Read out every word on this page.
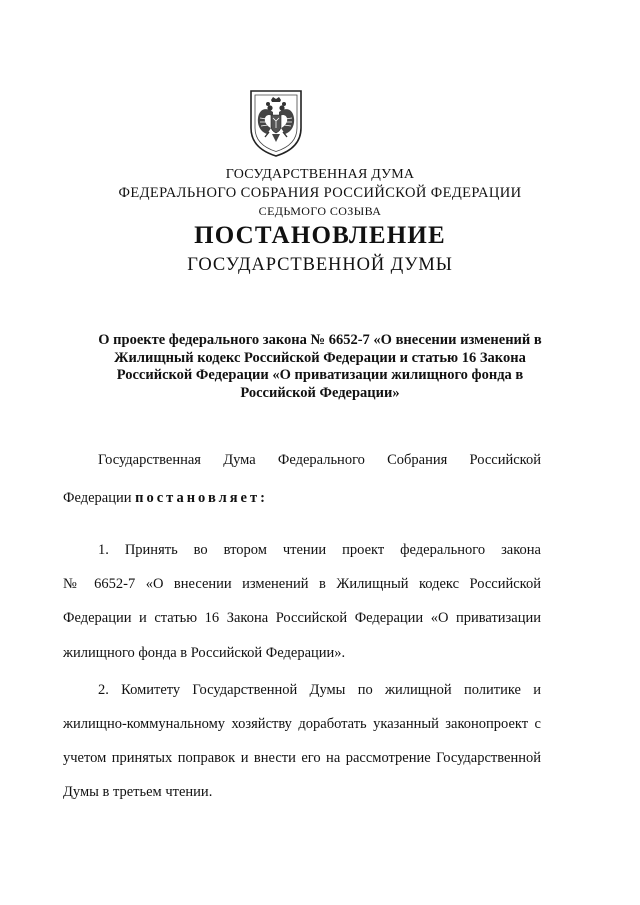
ГОСУДАРСТВЕННАЯ ДУМА
ФЕДЕРАЛЬНОГО СОБРАНИЯ РОССИЙСКОЙ ФЕДЕРАЦИИ
СЕДЬМОГО СОЗЫВА
ПОСТАНОВЛЕНИЕ
ГОСУДАРСТВЕННОЙ ДУМЫ
О проекте федерального закона № 6652-7 «О внесении изменений в
Жилищный кодекс Российской Федерации и статью 16 Закона
Российской Федерации «О приватизации жилищного фонда в
Российской Федерации»
Государственная Дума Федерального Собрания Российской
Федерации постановляет:
1. Принять во втором чтении проект федерального закона
№ 6652-7 «О внесении изменений в Жилищный кодекс Российской
Федерации и статью 16 Закона Российской Федерации «О приватизации
жилищного фонда в Российской Федерации».
2. Комитету Государственной Думы по жилищной политике и
жилищно-коммунальному хозяйству доработать указанный законопроект с
учетом принятых поправок и внести его на рассмотрение Государственной
Думы в третьем чтении.
